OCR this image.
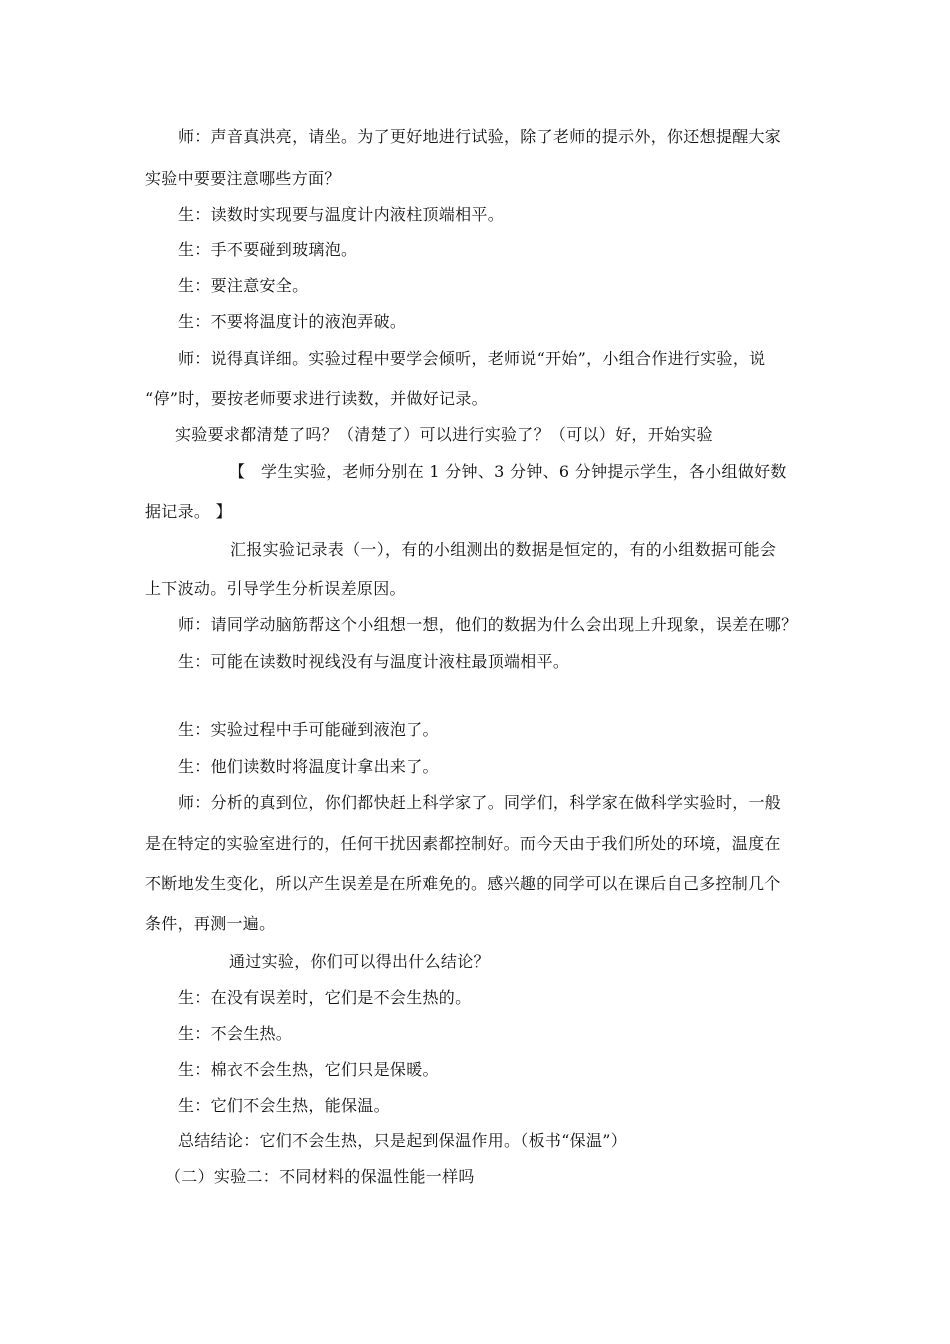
师：声音真洪亮，请坐。为了更好地进行试验，除了老师的提示外，你还想提醒大家
实验中要要注意哪些方面？
生：读数时实现要与温度计内液柱顶端相平。
生：手不要碰到玻璃泡。
生：要注意安全。
生：不要将温度计的液泡弄破。
师：说得真详细。实验过程中要学会倾听，老师说“开始”，小组合作进行实验，说
“停”时，要按老师要求进行读数，并做好记录。
实验要求都清楚了吗？（清楚了）可以进行实验了？（可以）好，开始实验
【 学生实验，老师分别在 1 分钟、3 分钟、6 分钟提示学生，各小组做好数
据记录。 】
汇报实验记录表（一），有的小组测出的数据是恒定的，有的小组数据可能会
上下波动。引导学生分析误差原因。
师：请同学动脑筋帮这个小组想一想，他们的数据为什么会出现上升现象，误差在哪？
生：可能在读数时视线没有与温度计液柱最顶端相平。
生：实验过程中手可能碰到液泡了。
生：他们读数时将温度计拿出来了。
师：分析的真到位，你们都快赶上科学家了。同学们，科学家在做科学实验时，一般
是在特定的实验室进行的，任何干扰因素都控制好。而今天由于我们所处的环境，温度在
不断地发生变化，所以产生误差是在所难免的。感兴趣的同学可以在课后自己多控制几个
条件，再测一遍。
通过实验，你们可以得出什么结论？
生：在没有误差时，它们是不会生热的。
生：不会生热。
生：棉衣不会生热，它们只是保暖。
生：它们不会生热，能保温。
总结结论：它们不会生热，只是起到保温作用。（板书“保温”）
（二）实验二：不同材料的保温性能一样吗
